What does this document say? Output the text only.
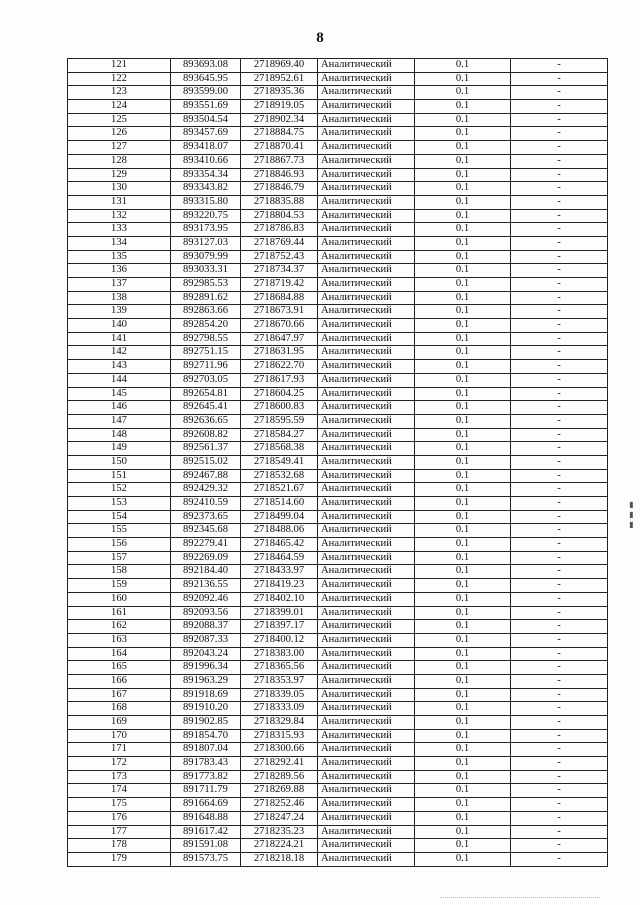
8
121	893693.08	2718969.40	Аналитический	0.1	-
122	893645.95	2718952.61	Аналитический	0.1	-
123	893599.00	2718935.36	Аналитический	0.1	-
124	893551.69	2718919.05	Аналитический	0.1	-
125	893504.54	2718902.34	Аналитический	0.1	-
126	893457.69	2718884.75	Аналитический	0.1	-
127	893418.07	2718870.41	Аналитический	0.1	-
128	893410.66	2718867.73	Аналитический	0.1	-
129	893354.34	2718846.93	Аналитический	0.1	-
130	893343.82	2718846.79	Аналитический	0.1	-
131	893315.80	2718835.88	Аналитический	0.1	-
132	893220.75	2718804.53	Аналитический	0.1	-
133	893173.95	2718786.83	Аналитический	0.1	-
134	893127.03	2718769.44	Аналитический	0.1	-
135	893079.99	2718752.43	Аналитический	0.1	-
136	893033.31	2718734.37	Аналитический	0.1	-
137	892985.53	2718719.42	Аналитический	0.1	-
138	892891.62	2718684.88	Аналитический	0.1	-
139	892863.66	2718673.91	Аналитический	0.1	-
140	892854.20	2718670.66	Аналитический	0.1	-
141	892798.55	2718647.97	Аналитический	0.1	-
142	892751.15	2718631.95	Аналитический	0.1	-
143	892711.96	2718622.70	Аналитический	0.1	-
144	892703.05	2718617.93	Аналитический	0.1	-
145	892654.81	2718604.25	Аналитический	0.1	-
146	892645.41	2718600.83	Аналитический	0.1	-
147	892636.65	2718595.59	Аналитический	0.1	-
148	892608.82	2718584.27	Аналитический	0.1	-
149	892561.37	2718568.38	Аналитический	0.1	-
150	892515.02	2718549.41	Аналитический	0.1	-
151	892467.88	2718532.68	Аналитический	0.1	-
152	892429.32	2718521.67	Аналитический	0.1	-
153	892410.59	2718514.60	Аналитический	0.1	-
154	892373.65	2718499.04	Аналитический	0.1	-
155	892345.68	2718488.06	Аналитический	0.1	-
156	892279.41	2718465.42	Аналитический	0.1	-
157	892269.09	2718464.59	Аналитический	0.1	-
158	892184.40	2718433.97	Аналитический	0.1	-
159	892136.55	2718419.23	Аналитический	0.1	-
160	892092.46	2718402.10	Аналитический	0.1	-
161	892093.56	2718399.01	Аналитический	0.1	-
162	892088.37	2718397.17	Аналитический	0.1	-
163	892087.33	2718400.12	Аналитический	0.1	-
164	892043.24	2718383.00	Аналитический	0.1	-
165	891996.34	2718365.56	Аналитический	0.1	-
166	891963.29	2718353.97	Аналитический	0.1	-
167	891918.69	2718339.05	Аналитический	0.1	-
168	891910.20	2718333.09	Аналитический	0.1	-
169	891902.85	2718329.84	Аналитический	0.1	-
170	891854.70	2718315.93	Аналитический	0.1	-
171	891807.04	2718300.66	Аналитический	0.1	-
172	891783.43	2718292.41	Аналитический	0.1	-
173	891773.82	2718289.56	Аналитический	0.1	-
174	891711.79	2718269.88	Аналитический	0.1	-
175	891664.69	2718252.46	Аналитический	0.1	-
176	891648.88	2718247.24	Аналитический	0.1	-
177	891617.42	2718235.23	Аналитический	0.1	-
178	891591.08	2718224.21	Аналитический	0.1	-
179	891573.75	2718218.18	Аналитический	0.1	-
▮▮▮
